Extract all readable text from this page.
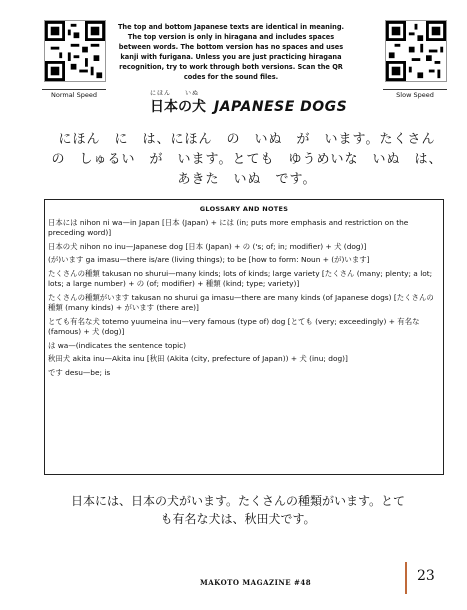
Normal Speed	Slow Speed
The top and bottom Japanese texts are identical in meaning. The top version is only in hiragana and includes spaces between words. The bottom version has no spaces and uses kanji with furigana. Unless you are just practicing hiragana recognition, try to work through both versions. Scan the QR codes for the sound files.
にほん　　いぬ
日本の犬 JAPANESE DOGS
にほん　に　は、にほん　の　いぬ　が　います。たくさん　の　しゅるい　が　います。とても　ゆうめいな　いぬ　は、あきた　いぬ　です。
GLOSSARY AND NOTES
日本には nihon ni wa—in Japan [日本 (Japan) + には (in; puts more emphasis and restriction on the preceding word)]
日本の犬 nihon no inu—Japanese dog [日本 (Japan) + の ('s; of; in; modifier) + 犬 (dog)]
(が)います ga imasu—there is/are (living things); to be [how to form: Noun + (が)います]
たくさんの種類 takusan no shurui—many kinds; lots of kinds; large variety [たくさん (many; plenty; a lot; lots; a large number) + の (of; modifier) + 種類 (kind; type; variety)]
たくさんの種類がいます takusan no shurui ga imasu—there are many kinds (of Japanese dogs) [たくさんの種類 (many kinds) + がいます (there are)]
とても有名な犬 totemo yuumeina inu—very famous (type of) dog [とても (very; exceedingly) + 有名な (famous) + 犬 (dog)]
は wa—(indicates the sentence topic)
秋田犬 akita inu—Akita inu [秋田 (Akita (city, prefecture of Japan)) + 犬 (inu; dog)]
です desu—be; is
日本には、日本の犬がいます。たくさんの種類がいます。とて
も有名な犬は、秋田犬です。
MAKOTO MAGAZINE #48	23
